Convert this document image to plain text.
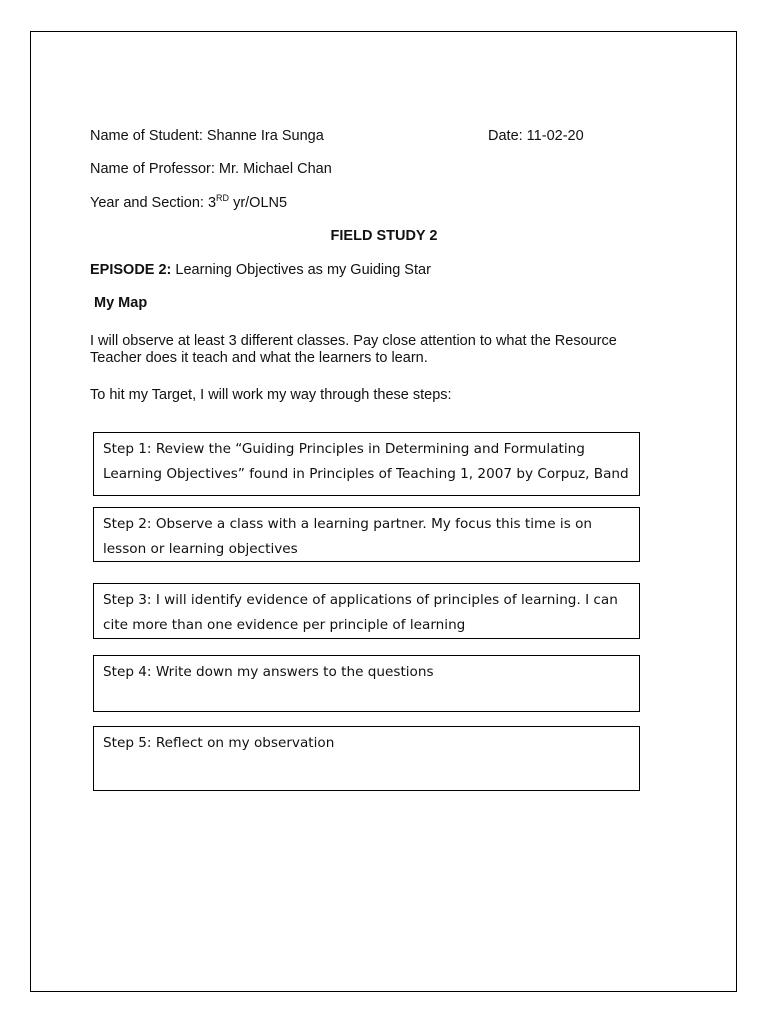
Name of Student: Shanne Ira Sunga	Date: 11-02-20
Name of Professor: Mr. Michael Chan
Year and Section: 3RD yr/OLN5
FIELD STUDY 2
EPISODE 2: Learning Objectives as my Guiding Star
My Map
I will observe at least 3 different classes. Pay close attention to what the Resource Teacher does it teach and what the learners to learn.
To hit my Target, I will work my way through these steps:
Step 1: Review the “Guiding Principles in Determining and Formulating Learning Objectives” found in Principles of Teaching 1, 2007 by Corpuz, Band
Step 2: Observe a class with a learning partner. My focus this time is on lesson or learning objectives
Step 3: I will identify evidence of applications of principles of learning. I can cite more than one evidence per principle of learning
Step 4: Write down my answers to the questions
Step 5: Reflect on my observation
